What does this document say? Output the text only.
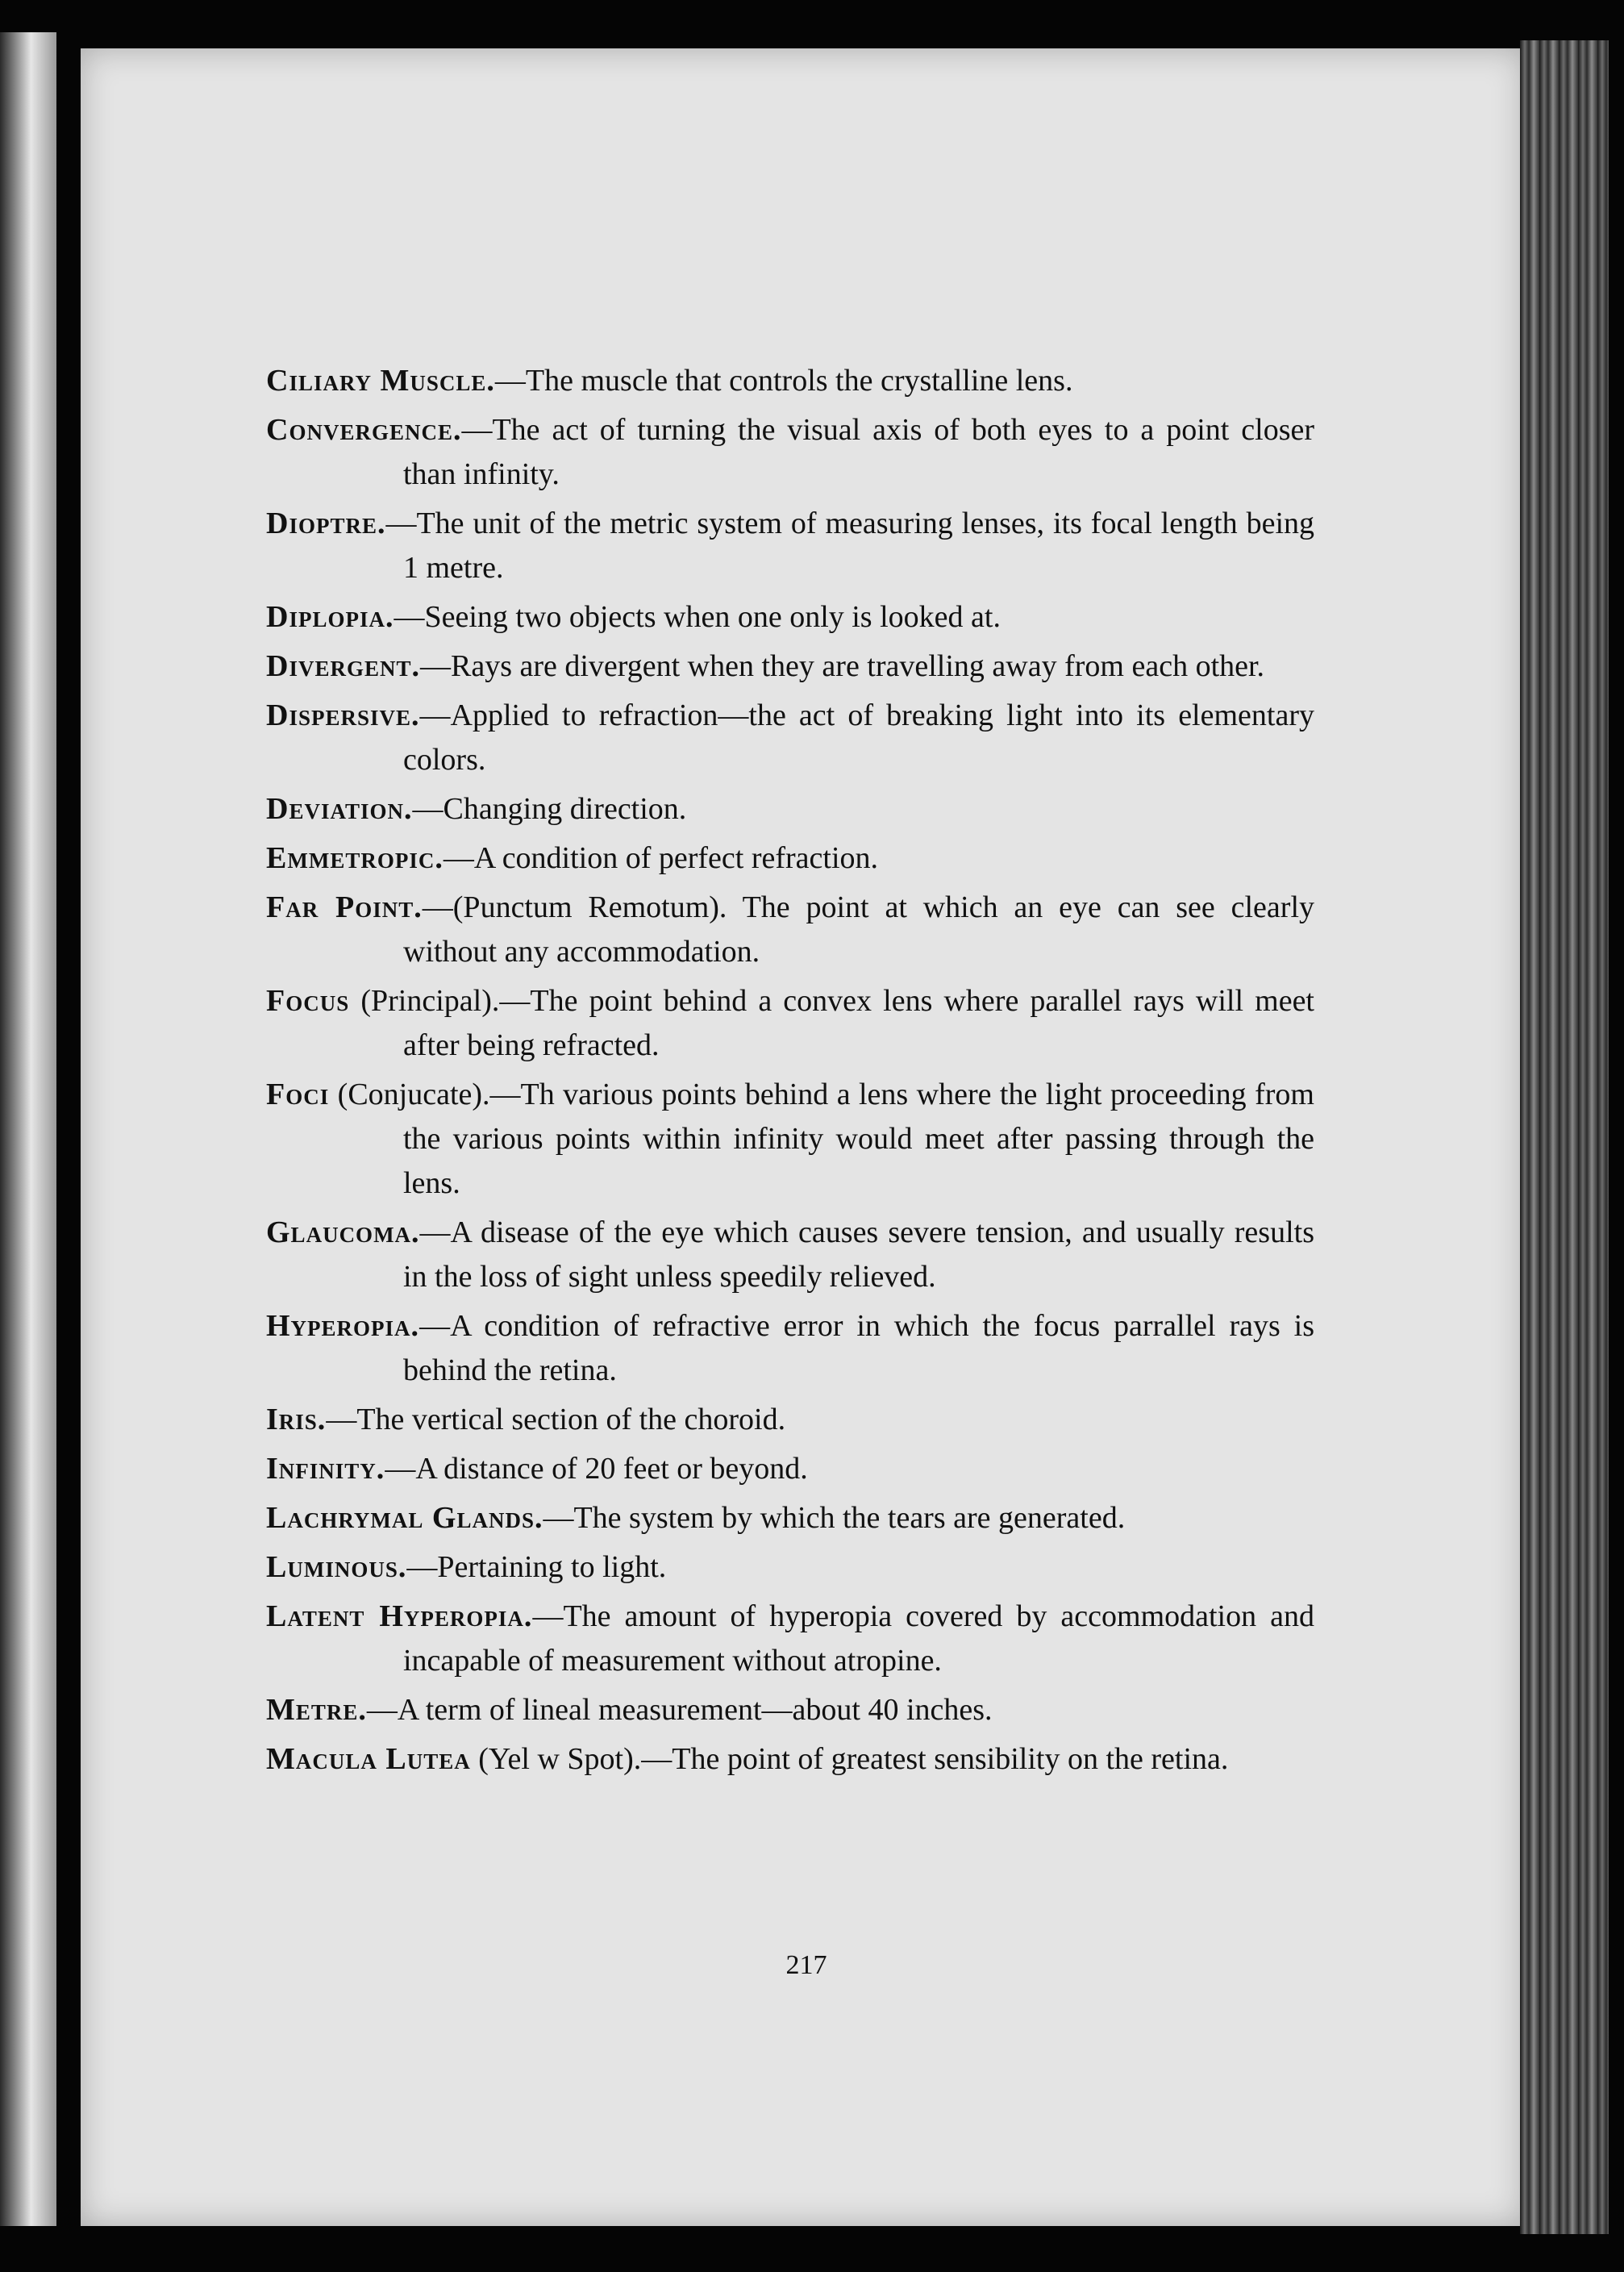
Ciliary Muscle.—The muscle that controls the crystalline lens.

Convergence.—The act of turning the visual axis of both eyes to a point closer than infinity.

Dioptre.—The unit of the metric system of measuring lenses, its focal length being 1 metre.

Diplopia.—Seeing two objects when one only is looked at.

Divergent.—Rays are divergent when they are travelling away from each other.

Dispersive.—Applied to refraction—the act of breaking light into its elementary colors.

Deviation.—Changing direction.

Emmetropic.—A condition of perfect refraction.

Far Point.—(Punctum Remotum). The point at which an eye can see clearly without any accommodation.

Focus (Principal).—The point behind a convex lens where parallel rays will meet after being refracted.

Foci (Conjucate).—Th various points behind a lens where the light proceeding from the various points within infinity would meet after passing through the lens.

Glaucoma.—A disease of the eye which causes severe tension, and usually results in the loss of sight unless speedily relieved.

Hyperopia.—A condition of refractive error in which the focus parrallel rays is behind the retina.

Iris.—The vertical section of the choroid.

Infinity.—A distance of 20 feet or beyond.

Lachrymal Glands.—The system by which the tears are generated.

Luminous.—Pertaining to light.

Latent Hyperopia.—The amount of hyperopia covered by accommodation and incapable of measurement without atropine.

Metre.—A term of lineal measurement—about 40 inches.

Macula Lutea (Yel w Spot).—The point of greatest sensibility on the retina.

217
